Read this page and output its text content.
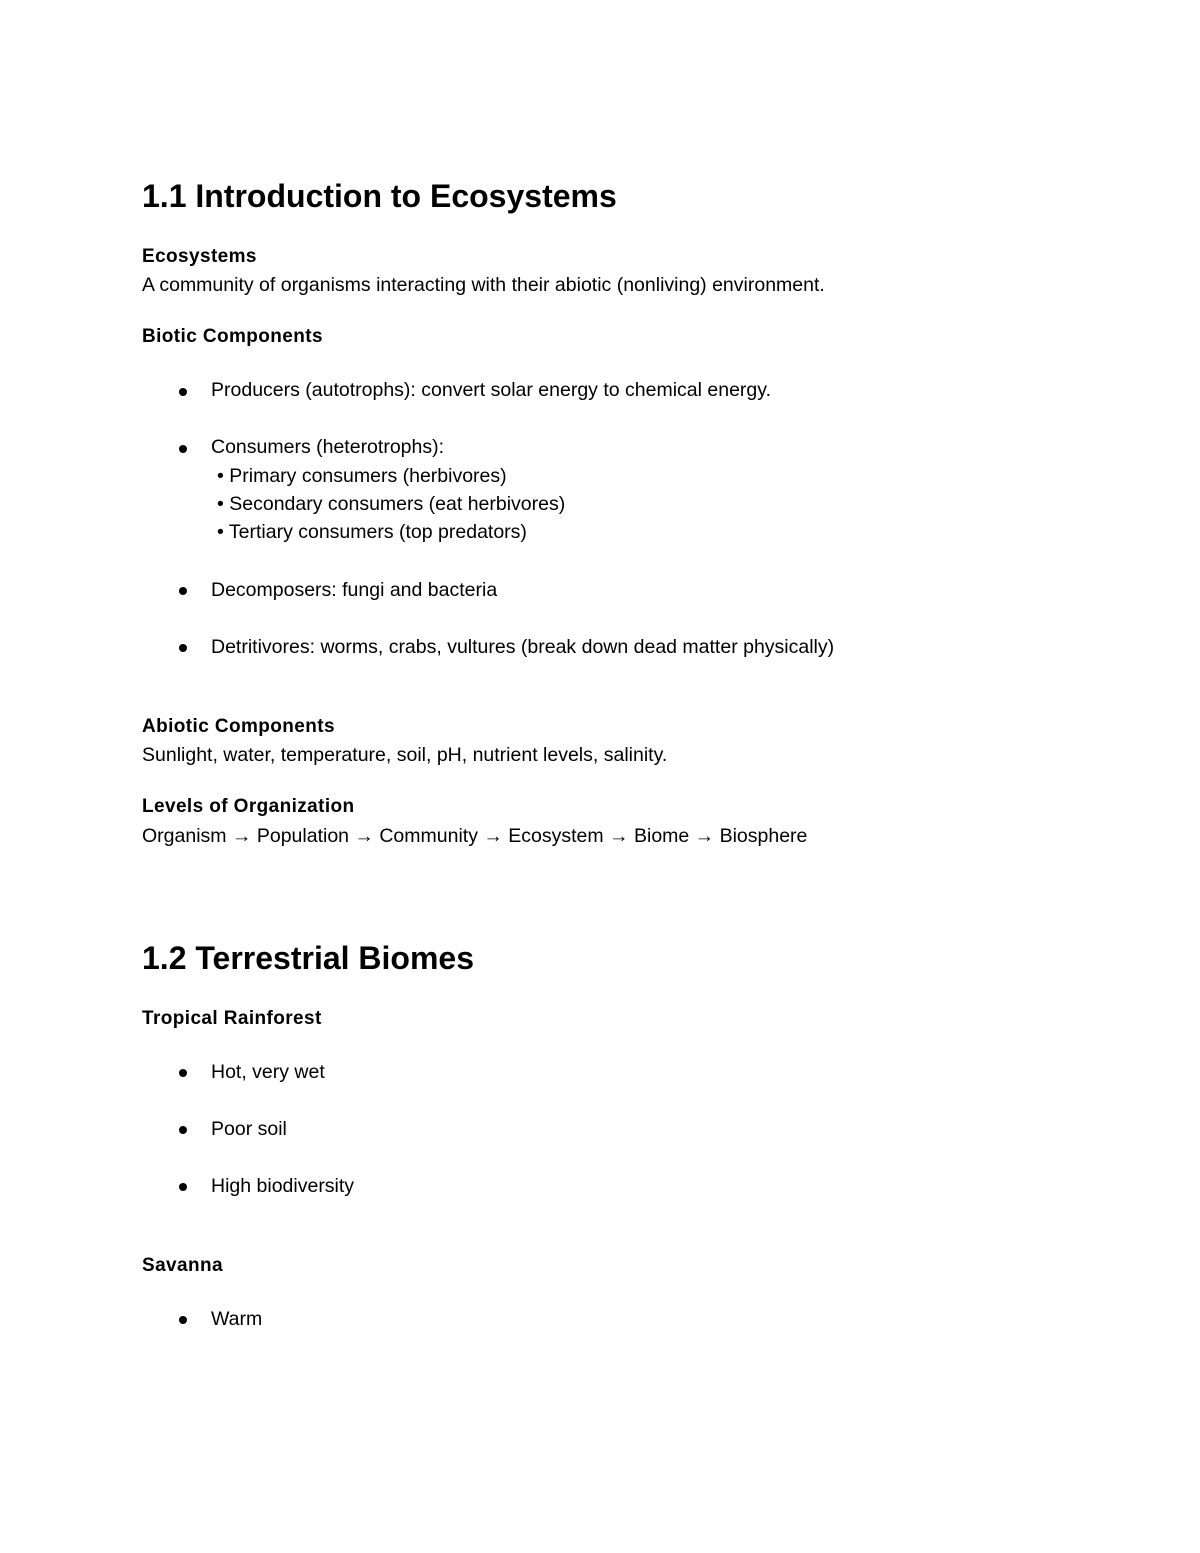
1.1 Introduction to Ecosystems
Ecosystems
A community of organisms interacting with their abiotic (nonliving) environment.
Biotic Components
Producers (autotrophs): convert solar energy to chemical energy.
Consumers (heterotrophs):
• Primary consumers (herbivores)
• Secondary consumers (eat herbivores)
• Tertiary consumers (top predators)
Decomposers: fungi and bacteria
Detritivores: worms, crabs, vultures (break down dead matter physically)
Abiotic Components
Sunlight, water, temperature, soil, pH, nutrient levels, salinity.
Levels of Organization
Organism → Population → Community → Ecosystem → Biome → Biosphere
1.2 Terrestrial Biomes
Tropical Rainforest
Hot, very wet
Poor soil
High biodiversity
Savanna
Warm
